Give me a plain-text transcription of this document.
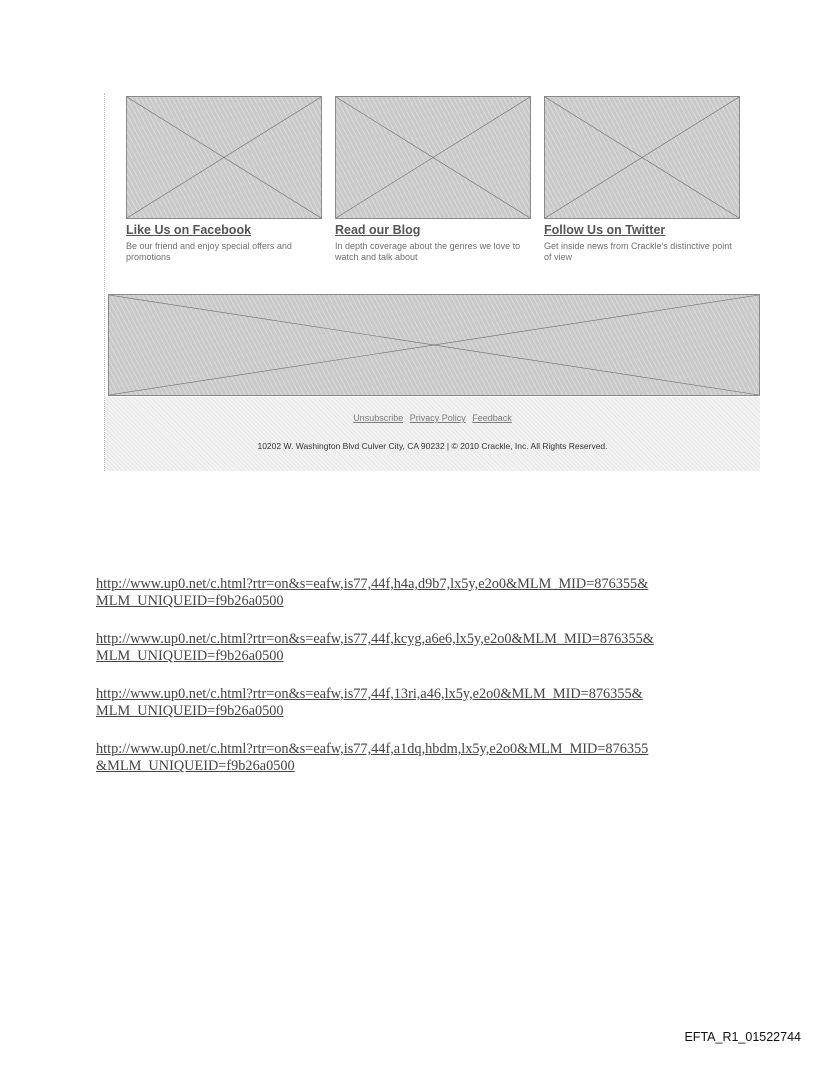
Like Us on Facebook
Be our friend and enjoy special offers and promotions
Read our Blog
In depth coverage about the genres we love to watch and talk about
Follow Us on Twitter
Get inside news from Crackle's distinctive point of view
Unsubscribe Privacy Policy Feedback
10202 W. Washington Blvd Culver City, CA 90232 | © 2010 Crackle, Inc. All Rights Reserved.
http://www.up0.net/c.html?rtr=on&s=eafw,is77,44f,h4a,d9b7,lx5y,e2o0&MLM_MID=876355&
MLM_UNIQUEID=f9b26a0500
http://www.up0.net/c.html?rtr=on&s=eafw,is77,44f,kcyg,a6e6,lx5y,e2o0&MLM_MID=876355&
MLM_UNIQUEID=f9b26a0500
http://www.up0.net/c.html?rtr=on&s=eafw,is77,44f,13ri,a46,lx5y,e2o0&MLM_MID=876355&
MLM_UNIQUEID=f9b26a0500
http://www.up0.net/c.html?rtr=on&s=eafw,is77,44f,a1dq,hbdm,lx5y,e2o0&MLM_MID=876355
&MLM_UNIQUEID=f9b26a0500
EFTA_R1_01522744
